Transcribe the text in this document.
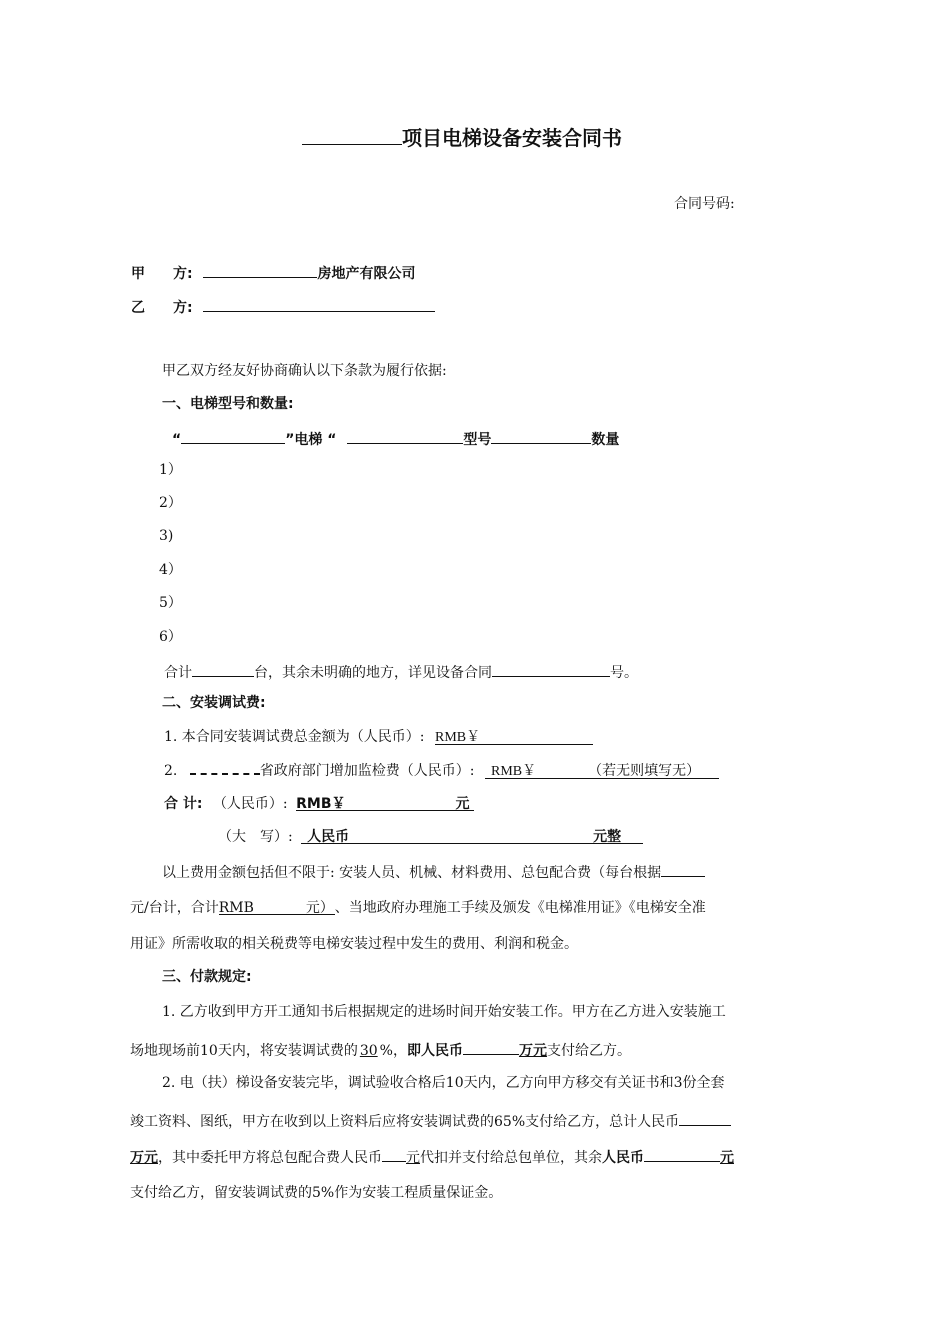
项目电梯设备安装合同书
合同号码:
甲　　方:	房地产有限公司
乙　　方:
甲乙双方经友好协商确认以下条款为履行依据:
一、电梯型号和数量:
“	”电梯 “	型号	数量
1）
2）
3)
4）
5）
6）
合计	台，其余未明确的地方，详见设备合同	号。
二、安装调试费:
1. 本合同安装调试费总金额为（人民币）: RMB￥
2.	省政府部门增加监检费（人民币）: RMB￥	（若无则填写无）
合 计: （人民币）: RMB￥	元
（大　写）: 人民币	元整
以上费用金额包括但不限于: 安装人员、机械、材料费用、总包配合费（每台根据
元/台计，合计RMB	元）、当地政府办理施工手续及颁发《电梯准用证》《电梯安全准
用证》所需收取的相关税费等电梯安装过程中发生的费用、利润和税金。
三、付款规定:
1. 乙方收到甲方开工通知书后根据规定的进场时间开始安装工作。甲方在乙方进入安装施工
场地现场前10天内，将安装调试费的 30 %，即人民币	万元支付给乙方。
2. 电（扶）梯设备安装完毕，调试验收合格后10天内，乙方向甲方移交有关证书和3份全套
竣工资料、图纸，甲方在收到以上资料后应将安装调试费的65%支付给乙方，总计人民币
万元，其中委托甲方将总包配合费人民币 元代扣并支付给总包单位，其余人民币	元
支付给乙方，留安装调试费的5%作为安装工程质量保证金。
